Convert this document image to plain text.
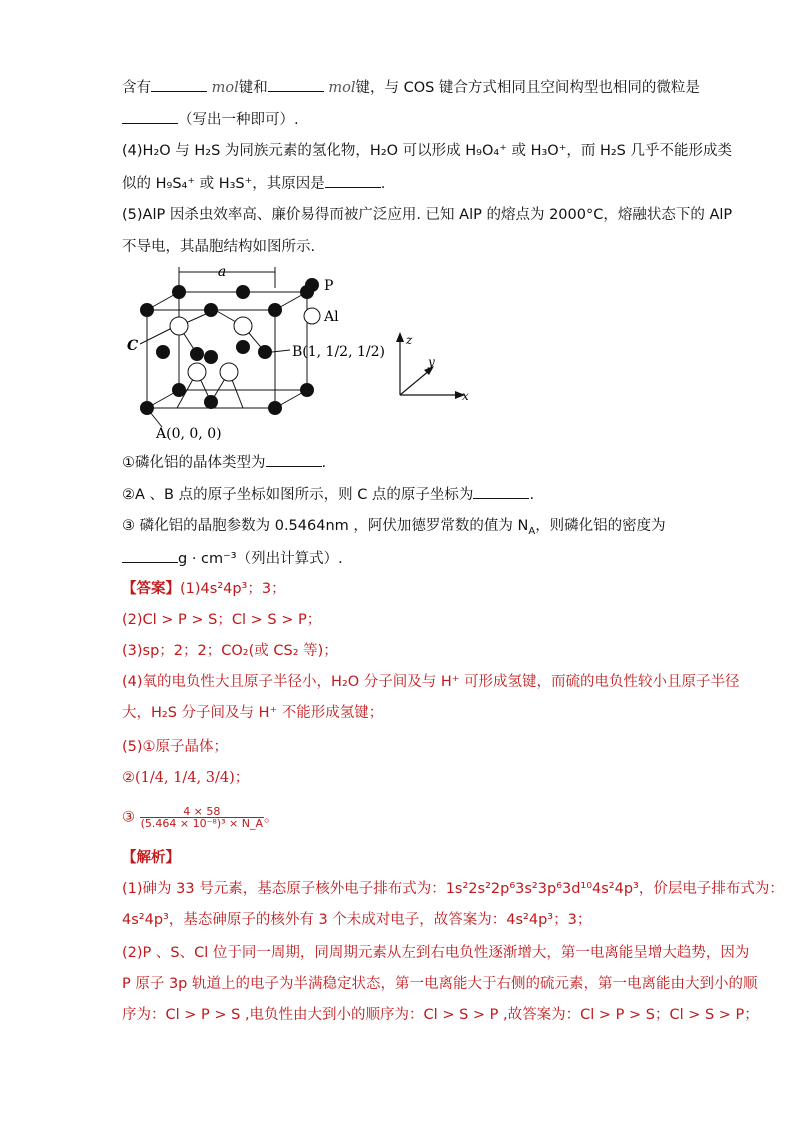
含有	mol键和	mol键，与 COS 键合方式相同且空间构型也相同的微粒是
（写出一种即可）.
(4)H₂O 与 H₂S 为同族元素的氢化物，H₂O 可以形成 H₉O₄⁺ 或 H₃O⁺，而 H₂S 几乎不能形成类
似的 H₉S₄⁺ 或 H₃S⁺，其原因是	.
(5)AlP 因杀虫效率高、廉价易得而被广泛应用. 已知 AlP 的熔点为 2000°C，熔融状态下的 AlP
不导电，其晶胞结构如图所示.
a
C	B(1, 1/2, 1/2)
A(0, 0, 0)
P
Al
z
y
x
①磷化铝的晶体类型为	.
②A 、B 点的原子坐标如图所示，则 C 点的原子坐标为	.
③ 磷化铝的晶胞参数为 0.5464nm ，阿伏加德罗常数的值为 $N_A$，则磷化铝的密度为
g · cm⁻³（列出计算式）.
【答案】(1)4s²4p³；3；
(2)Cl > P > S；Cl > S > P；
(3)sp；2；2；CO₂(或 CS₂ 等)；
(4)氧的电负性大且原子半径小，H₂O 分子间及与 H⁺ 可形成氢键，而硫的电负性较小且原子半径
大，H₂S 分子间及与 H⁺ 不能形成氢键；
(5)①原子晶体；
②(1/4, 1/4, 3/4)；
③ $\frac{4 \times 58}{\text{(5.464 × 10⁻⁸)³ × N\_A}}$ 。
【解析】
(1)砷为 33 号元素，基态原子核外电子排布式为：1s²2s²2p⁶3s²3p⁶3d¹⁰4s²4p³，价层电子排布式为：
4s²4p³，基态砷原子的核外有 3 个未成对电子，故答案为：4s²4p³；3；
(2)P 、S、Cl 位于同一周期，同周期元素从左到右电负性逐渐增大，第一电离能呈增大趋势，因为
P 原子 3p 轨道上的电子为半满稳定状态，第一电离能大于右侧的硫元素，第一电离能由大到小的顺
序为：Cl > P > S ,电负性由大到小的顺序为：Cl > S > P ,故答案为：Cl > P > S；Cl > S > P；
